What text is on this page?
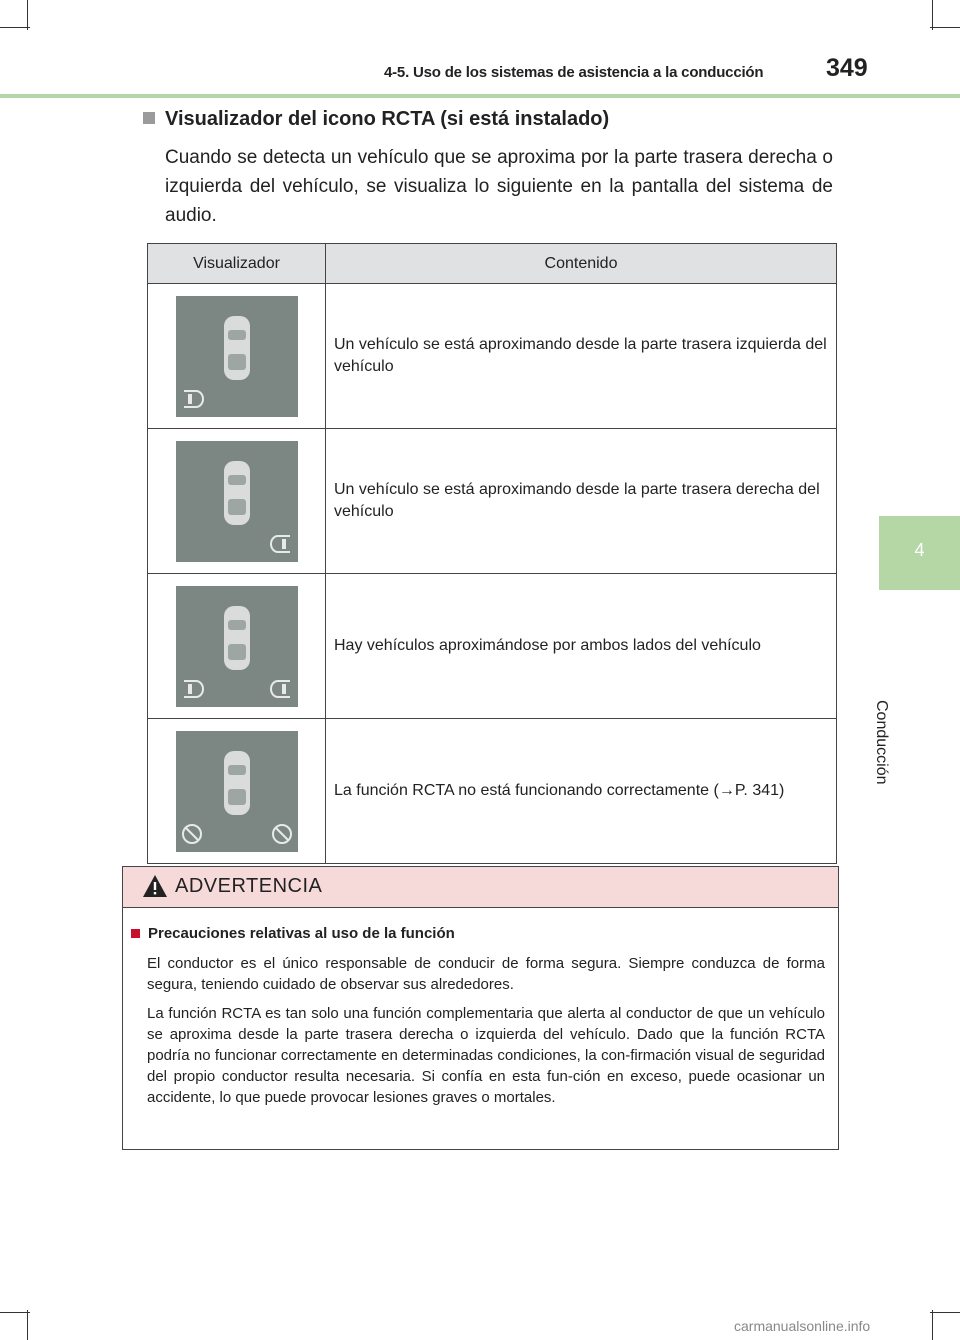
4-5. Uso de los sistemas de asistencia a la conducción	349
4
Conducción
Visualizador del icono RCTA (si está instalado)
Cuando se detecta un vehículo que se aproxima por la parte trasera derecha o izquierda del vehículo, se visualiza lo siguiente en la pantalla del sistema de audio.
Visualizador	Contenido
	Un vehículo se está aproximando desde la parte trasera izquierda del vehículo
	Un vehículo se está aproximando desde la parte trasera derecha del vehículo
	Hay vehículos aproximándose por ambos lados del vehículo
	La función RCTA no está funcionando correctamente (→P. 341)
ADVERTENCIA
Precauciones relativas al uso de la función
El conductor es el único responsable de conducir de forma segura. Siempre conduzca de forma segura, teniendo cuidado de observar sus alrededores.
La función RCTA es tan solo una función complementaria que alerta al conductor de que un vehículo se aproxima desde la parte trasera derecha o izquierda del vehículo. Dado que la función RCTA podría no funcionar correctamente en determinadas condiciones, la con-firmación visual de seguridad del propio conductor resulta necesaria. Si confía en esta fun-ción en exceso, puede ocasionar un accidente, lo que puede provocar lesiones graves o mortales.
carmanualsonline.info
